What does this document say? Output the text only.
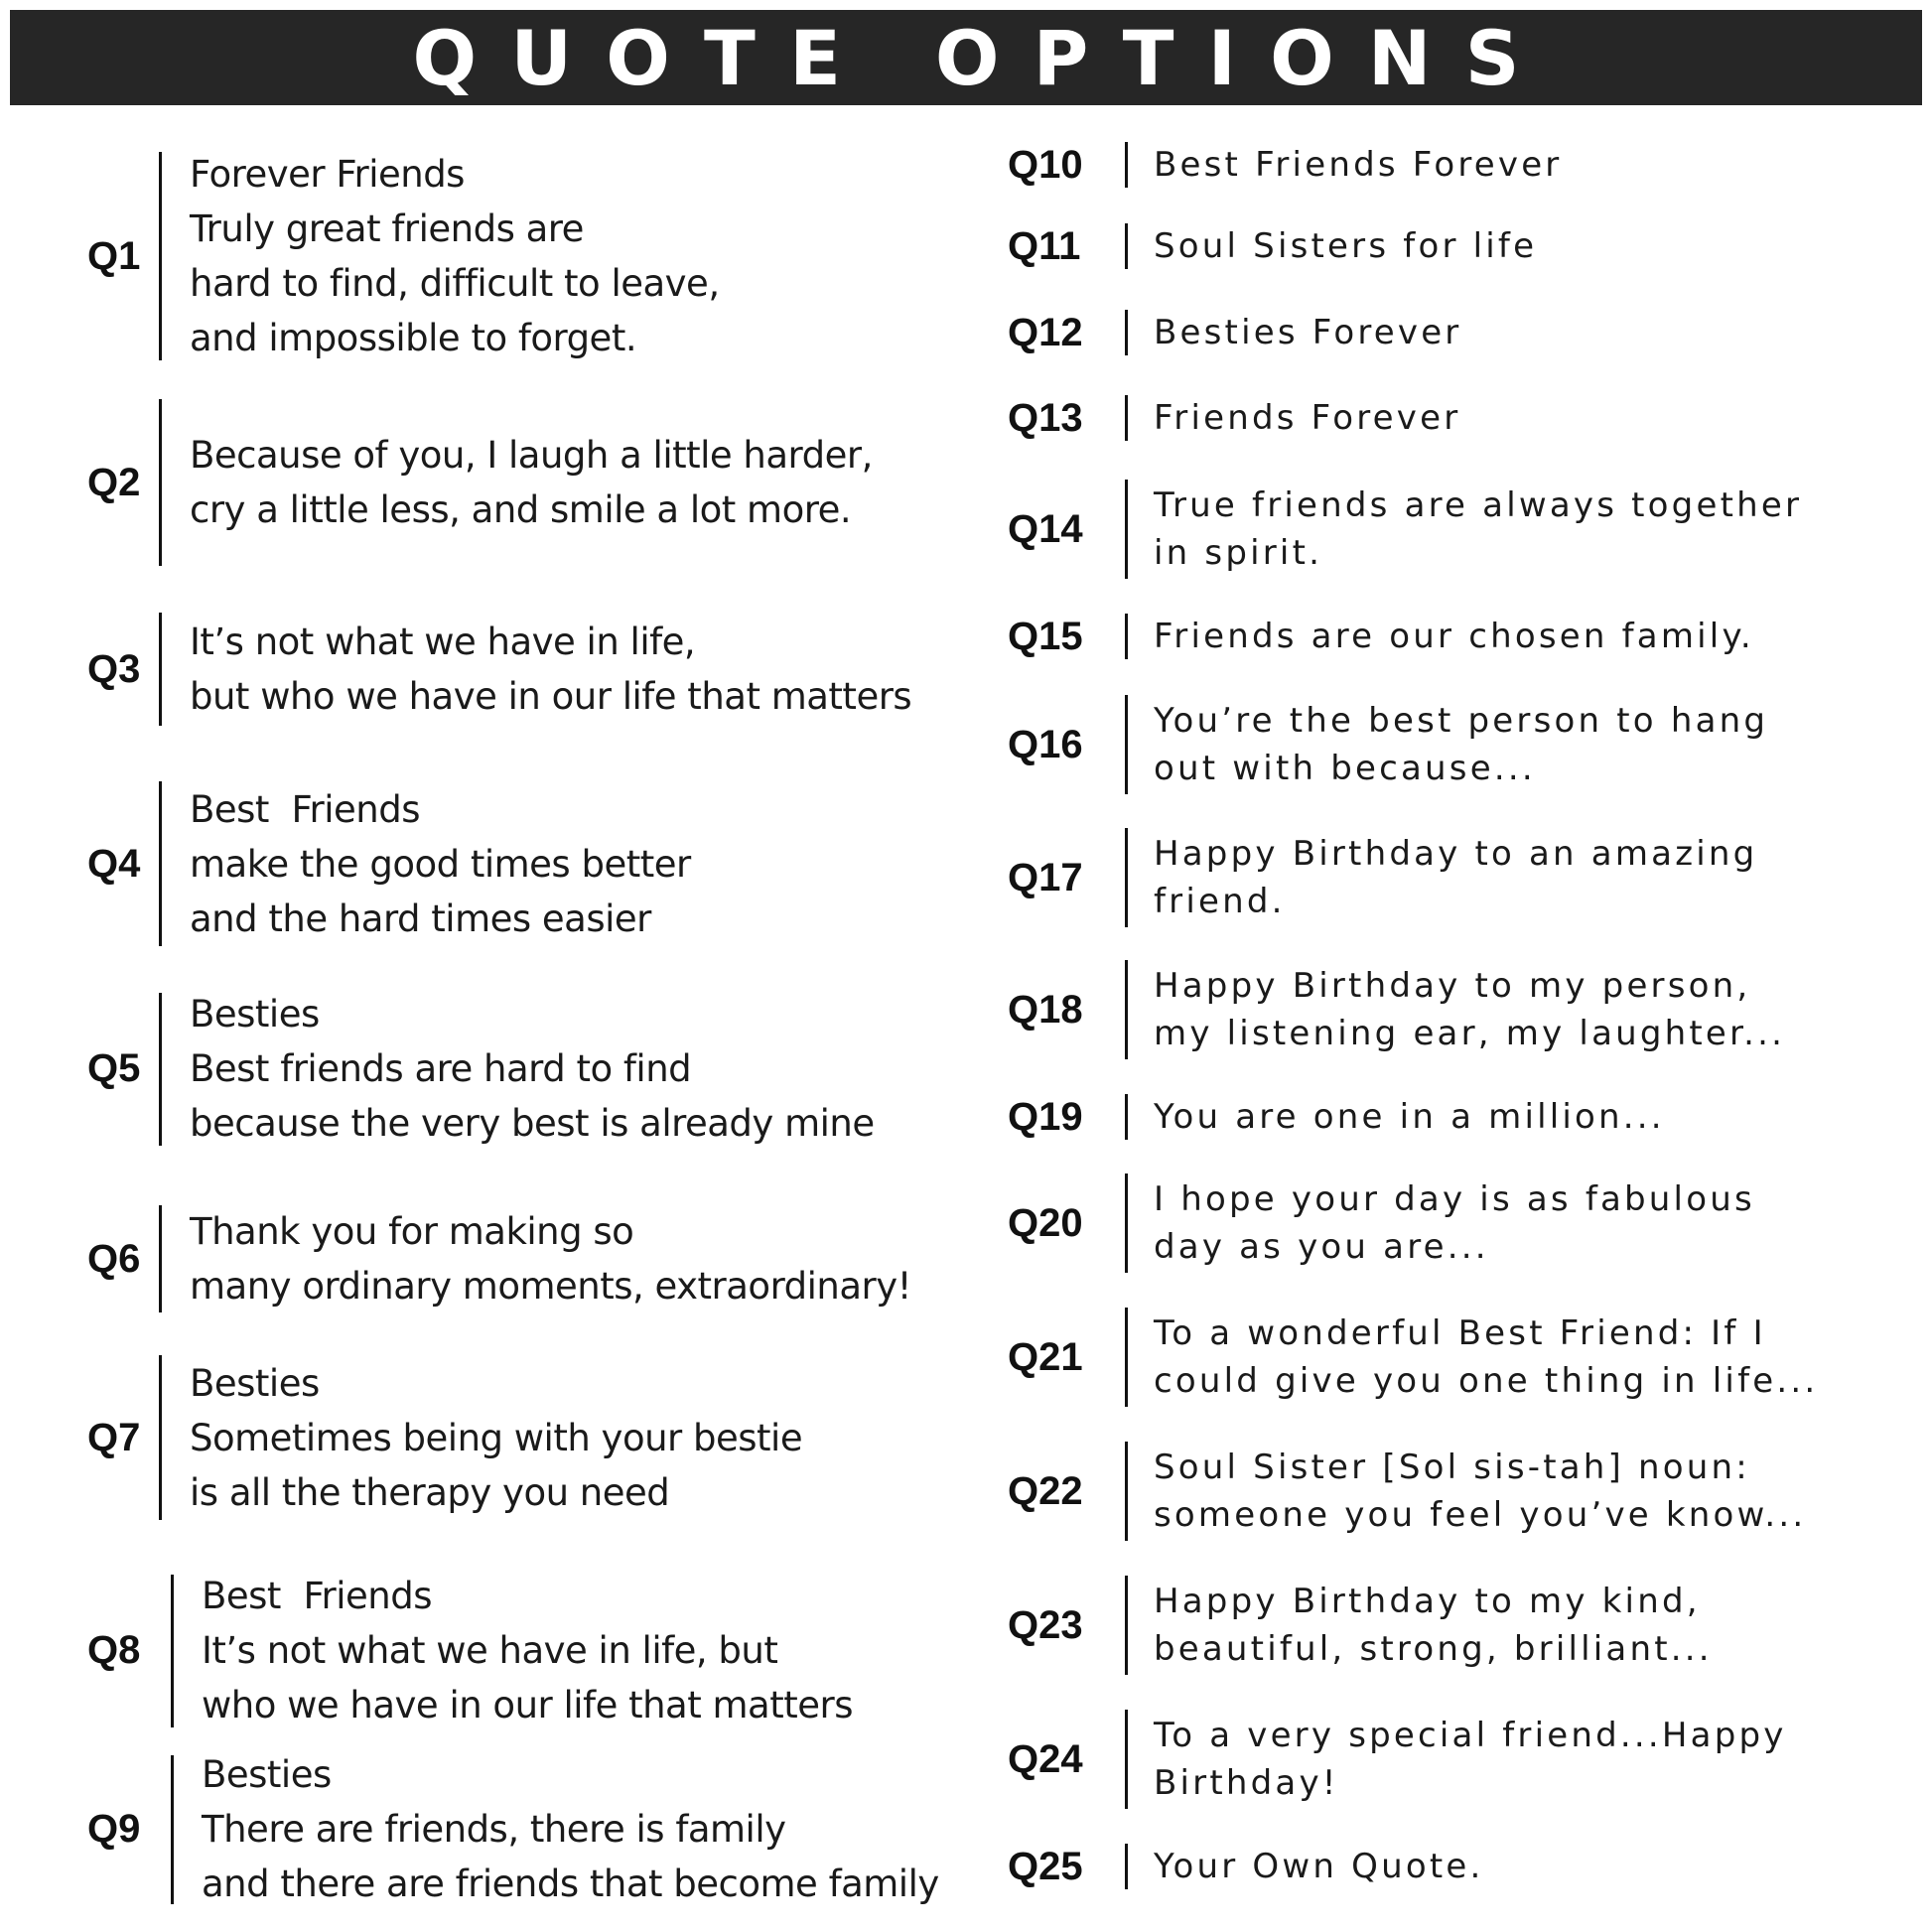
QUOTE OPTIONS
Q1
Forever Friends
Truly great friends are
hard to find, difficult to leave,
and impossible to forget.
Q2
Because of you, I laugh a little harder,
cry a little less, and smile a lot more.
Q3
It’s not what we have in life,
but who we have in our life that matters
Q4
Best  Friends
make the good times better
and the hard times easier
Q5
Besties
Best friends are hard to find
because the very best is already mine
Q6
Thank you for making so
many ordinary moments, extraordinary!
Q7
Besties
Sometimes being with your bestie
is all the therapy you need
Q8
Best  Friends
It’s not what we have in life, but
who we have in our life that matters
Q9
Besties
There are friends, there is family
and there are friends that become family
Q10 Best Friends Forever
Q11	Soul Sisters for life
Q12 Besties Forever
Q13 Friends Forever
Q14
True friends are always together
in spirit.
Q15 Friends are our chosen family.
Q16
You’re the best person to hang
out with because...
Q17
Happy Birthday to an amazing
friend.
Q18
Happy Birthday to my person,
my listening ear, my laughter...
Q19 You are one in a million...
Q20
I hope your day is as fabulous
day as you are...
Q21
To a wonderful Best Friend: If I
could give you one thing in life...
Q22
Soul Sister [Sol sis-tah] noun:
someone you feel you’ve know...
Q23
Happy Birthday to my kind,
beautiful, strong, brilliant...
Q24
To a very special friend...Happy
Birthday!
Q25 Your Own Quote.
